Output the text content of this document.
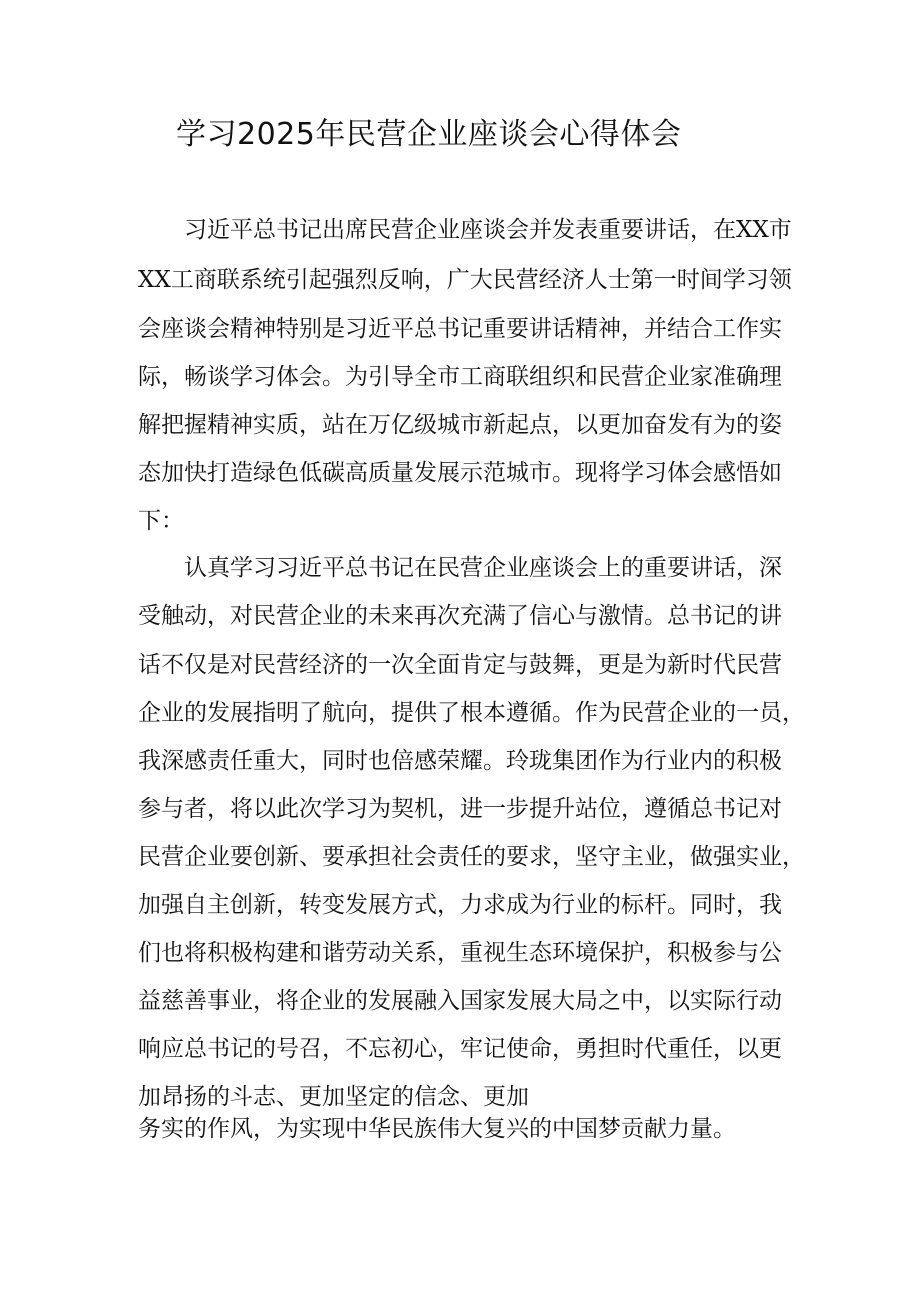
学习2025年民营企业座谈会心得体会
习近平总书记出席民营企业座谈会并发表重要讲话，在XX市
XX工商联系统引起强烈反响，广大民营经济人士第一时间学习领
会座谈会精神特别是习近平总书记重要讲话精神，并结合工作实
际，畅谈学习体会。为引导全市工商联组织和民营企业家准确理
解把握精神实质，站在万亿级城市新起点，以更加奋发有为的姿
态加快打造绿色低碳高质量发展示范城市。现将学习体会感悟如
下：
认真学习习近平总书记在民营企业座谈会上的重要讲话，深
受触动，对民营企业的未来再次充满了信心与激情。总书记的讲
话不仅是对民营经济的一次全面肯定与鼓舞，更是为新时代民营
企业的发展指明了航向，提供了根本遵循。作为民营企业的一员，
我深感责任重大，同时也倍感荣耀。玲珑集团作为行业内的积极
参与者，将以此次学习为契机，进一步提升站位，遵循总书记对
民营企业要创新、要承担社会责任的要求，坚守主业，做强实业，
加强自主创新，转变发展方式，力求成为行业的标杆。同时，我
们也将积极构建和谐劳动关系，重视生态环境保护，积极参与公
益慈善事业，将企业的发展融入国家发展大局之中，以实际行动
响应总书记的号召，不忘初心，牢记使命，勇担时代重任，以更
加昂扬的斗志、更加坚定的信念、更加
务实的作风，为实现中华民族伟大复兴的中国梦贡献力量。
